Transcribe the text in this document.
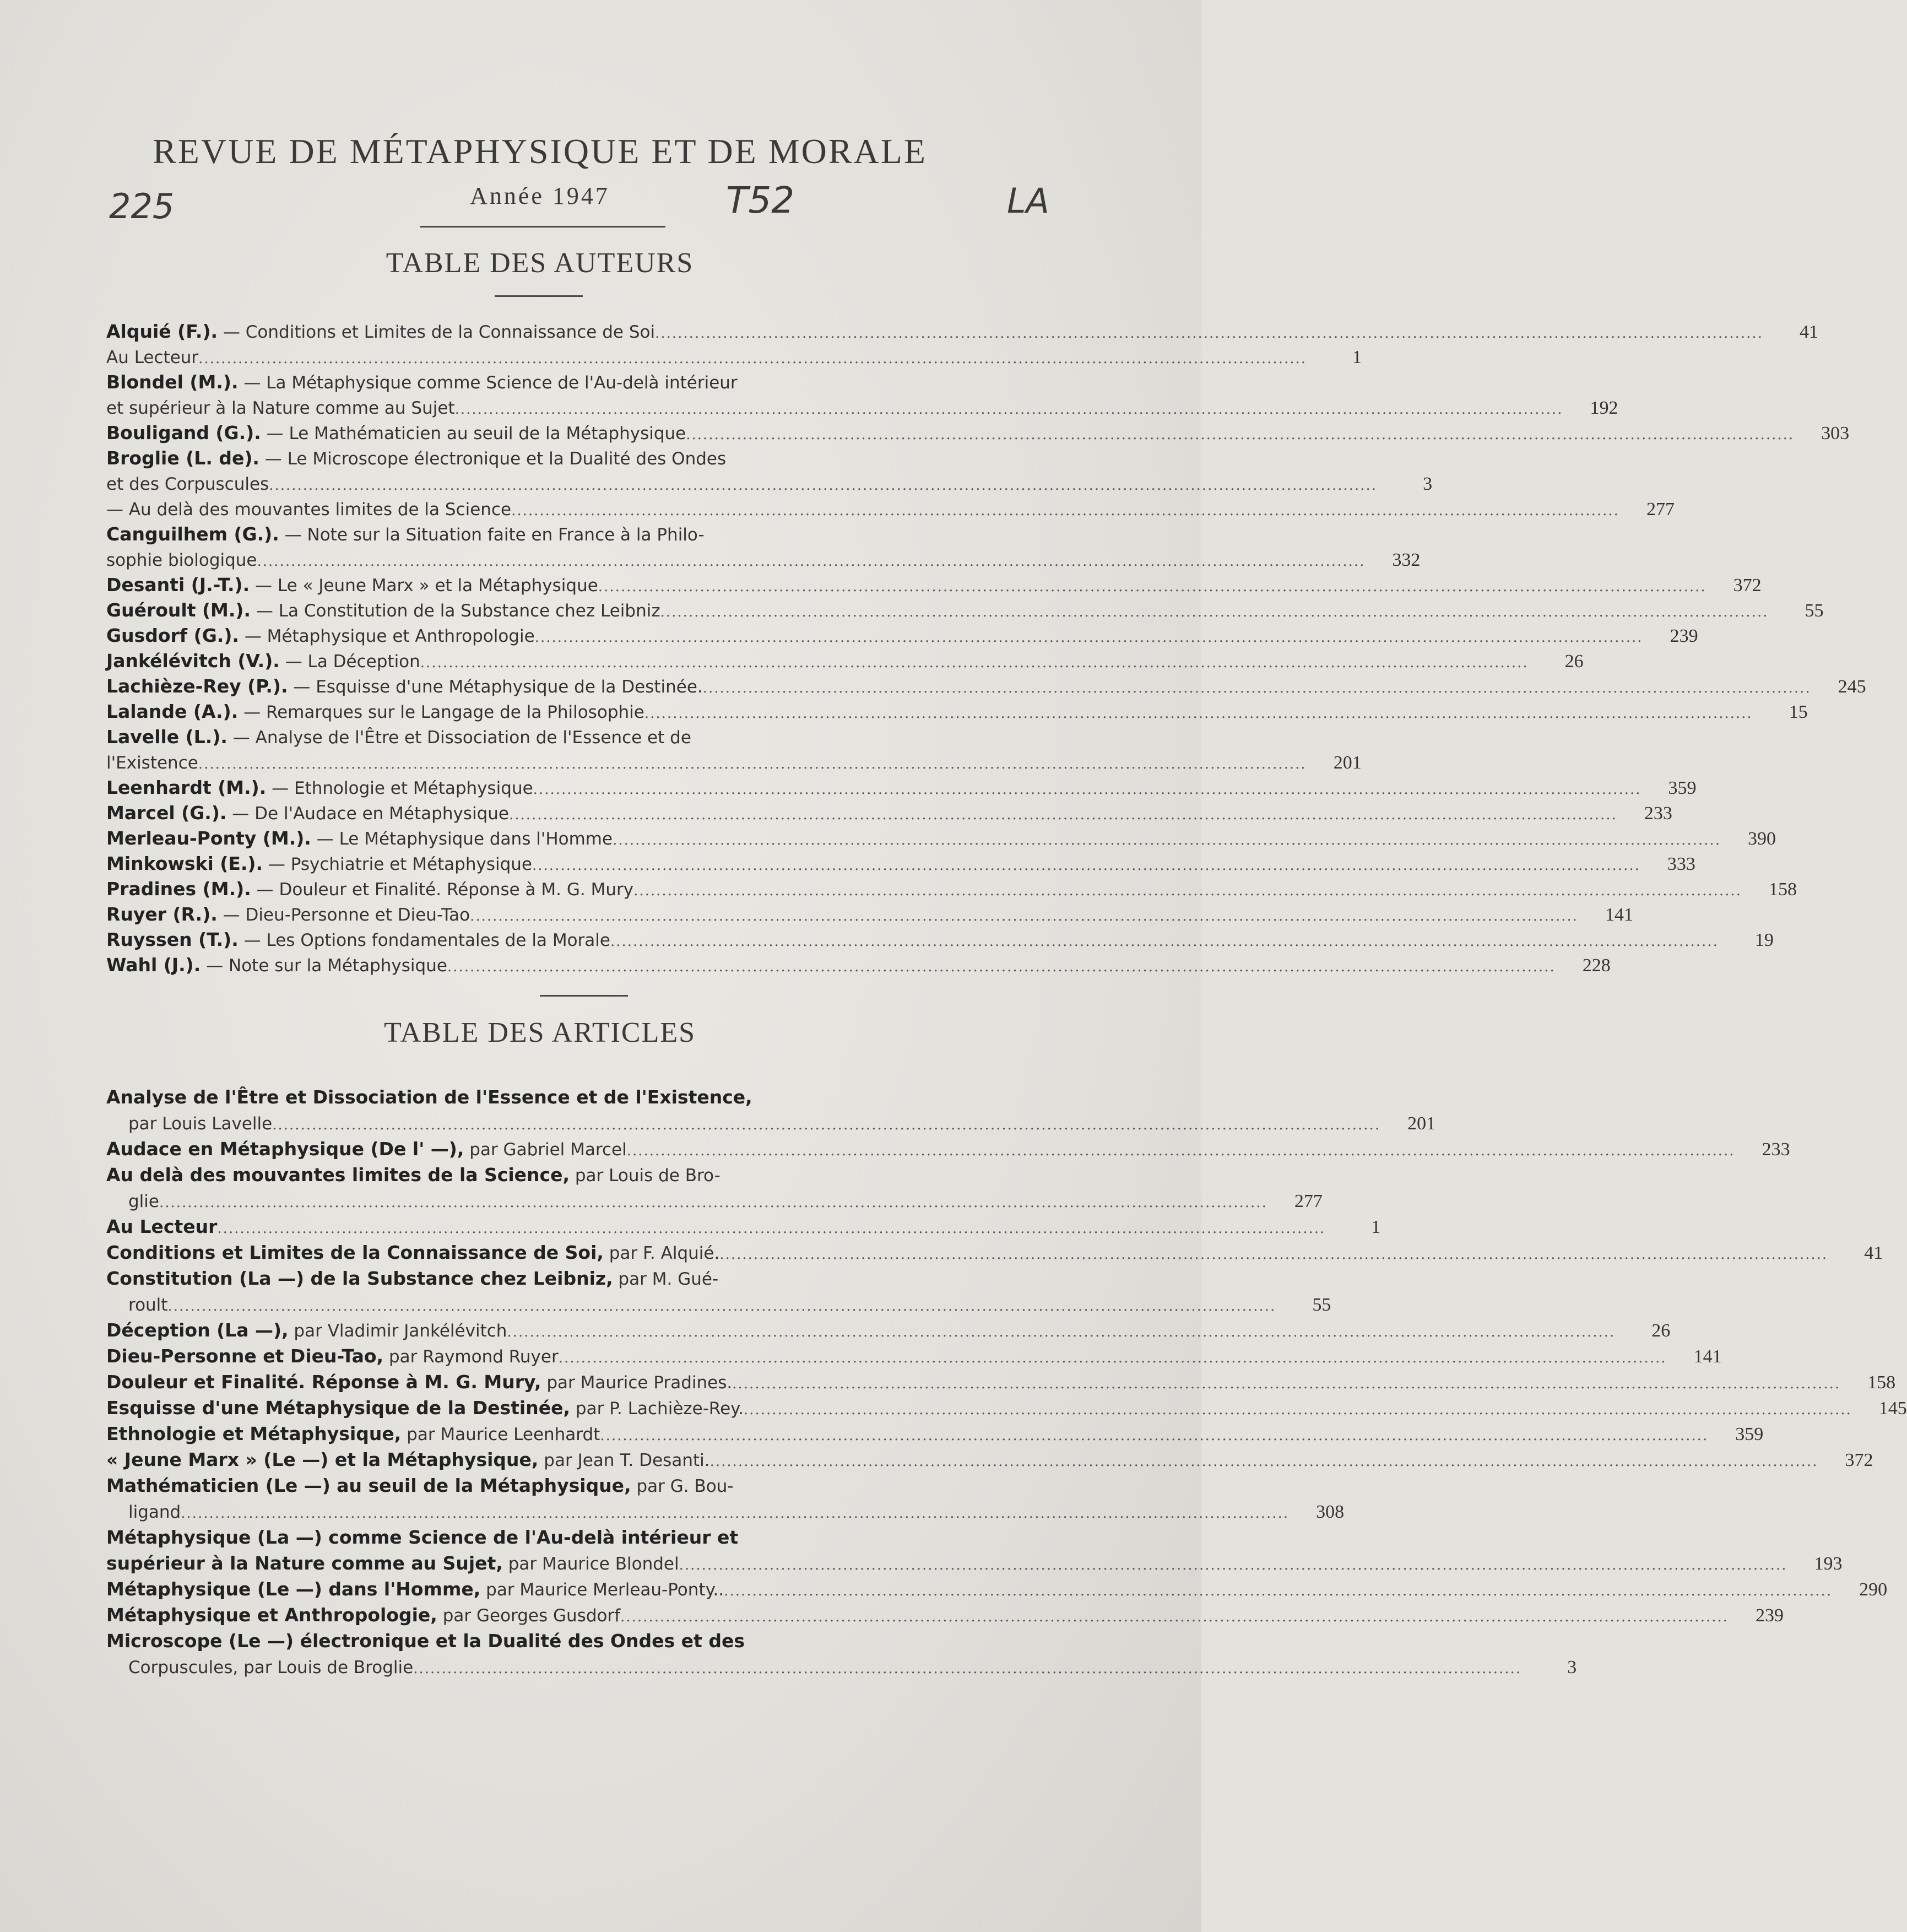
REVUE DE MÉTAPHYSIQUE ET DE MORALE
Année 1947
225	T52	LA
TABLE DES AUTEURS
Alquié (F.). — Conditions et Limites de la Connaissance de Soi .....	41
Au Lecteur .....	1
Blondel (M.). — La Métaphysique comme Science de l'Au-delà intérieur
et supérieur à la Nature comme au Sujet .....	192
Bouligand (G.). — Le Mathématicien au seuil de la Métaphysique .....	303
Broglie (L. de). — Le Microscope électronique et la Dualité des Ondes
et des Corpuscules .....	3
— Au delà des mouvantes limites de la Science .....	277
Canguilhem (G.). — Note sur la Situation faite en France à la Philo-
sophie biologique .....	332
Desanti (J.-T.). — Le « Jeune Marx » et la Métaphysique .....	372
Guéroult (M.). — La Constitution de la Substance chez Leibniz .....	55
Gusdorf (G.). — Métaphysique et Anthropologie .....	239
Jankélévitch (V.). — La Déception .....	26
Lachièze-Rey (P.). — Esquisse d'une Métaphysique de la Destinée. .....	245
Lalande (A.). — Remarques sur le Langage de la Philosophie .....	15
Lavelle (L.). — Analyse de l'Être et Dissociation de l'Essence et de
l'Existence .....	201
Leenhardt (M.). — Ethnologie et Métaphysique .....	359
Marcel (G.). — De l'Audace en Métaphysique .....	233
Merleau-Ponty (M.). — Le Métaphysique dans l'Homme .....	390
Minkowski (E.). — Psychiatrie et Métaphysique .....	333
Pradines (M.). — Douleur et Finalité. Réponse à M. G. Mury .....	158
Ruyer (R.). — Dieu-Personne et Dieu-Tao .....	141
Ruyssen (T.). — Les Options fondamentales de la Morale .....	19
Wahl (J.). — Note sur la Métaphysique .....	228
TABLE DES ARTICLES
Analyse de l'Être et Dissociation de l'Essence et de l'Existence,
par Louis Lavelle .....	201
Audace en Métaphysique (De l' —), par Gabriel Marcel .....	233
Au delà des mouvantes limites de la Science, par Louis de Bro-
glie .....	277
Au Lecteur .....	1
Conditions et Limites de la Connaissance de Soi, par F. Alquié. .....	41
Constitution (La —) de la Substance chez Leibniz, par M. Gué-
roult .....	55
Déception (La —), par Vladimir Jankélévitch .....	26
Dieu-Personne et Dieu-Tao, par Raymond Ruyer .....	141
Douleur et Finalité. Réponse à M. G. Mury, par Maurice Pradines. .....	158
Esquisse d'une Métaphysique de la Destinée, par P. Lachièze-Rey. .....	145
Ethnologie et Métaphysique, par Maurice Leenhardt .....	359
« Jeune Marx » (Le —) et la Métaphysique, par Jean T. Desanti. .....	372
Mathématicien (Le —) au seuil de la Métaphysique, par G. Bou-
ligand .....	308
Métaphysique (La —) comme Science de l'Au-delà intérieur et
supérieur à la Nature comme au Sujet, par Maurice Blondel .....	193
Métaphysique (Le —) dans l'Homme, par Maurice Merleau-Ponty.. .....	290
Métaphysique et Anthropologie, par Georges Gusdorf .....	239
Microscope (Le —) électronique et la Dualité des Ondes et des
Corpuscules, par Louis de Broglie .....	3
